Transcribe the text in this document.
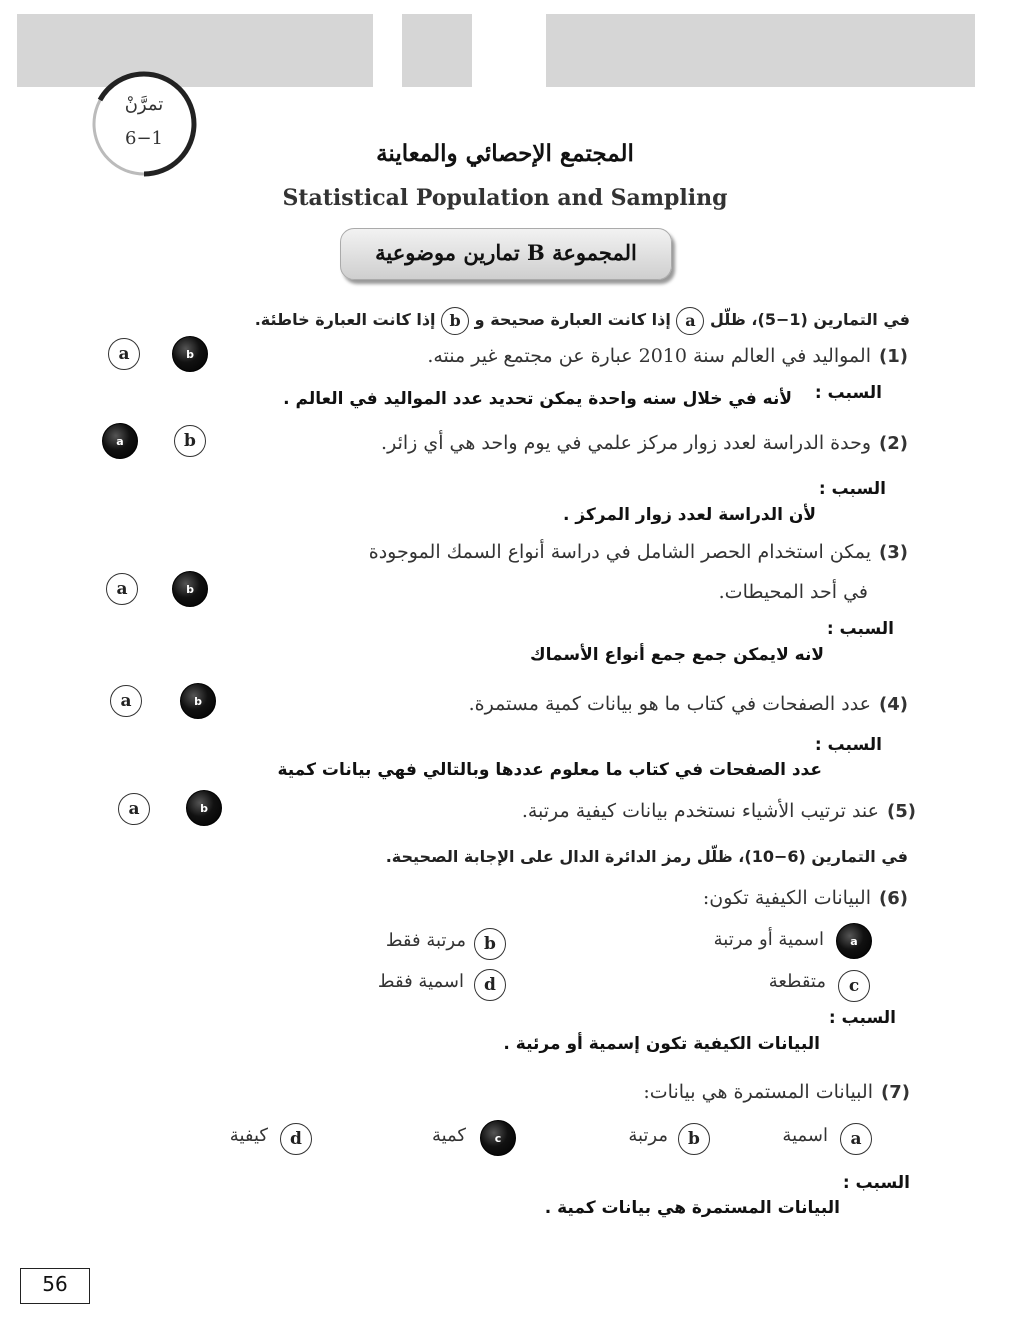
تمرَّنْ
6−1
المجتمع الإحصائي والمعاينة
Statistical Population and Sampling
المجموعة B تمارين موضوعية
في التمارين (1−5)، ظلّل a إذا كانت العبارة صحيحة و b إذا كانت العبارة خاطئة.
a	b	(1)المواليد في العالم سنة 2010 عبارة عن مجتمع غير منته.
السبب :
لأنه في خلال سنه واحدة يمكن تحديد عدد المواليد في العالم .
a	b	(2)وحدة الدراسة لعدد زوار مركز علمي في يوم واحد هي أي زائر.
السبب :
لأن الدراسة لعدد زوار المركز .
(3)يمكن استخدام الحصر الشامل في دراسة أنواع السمك الموجودة
في أحد المحيطات.
a	b
السبب :
لانه لايمكن جمع جمع أنواع الأسماك
a	b	(4)عدد الصفحات في كتاب ما هو بيانات كمية مستمرة.
السبب :
عدد الصفحات في كتاب ما معلوم عددها وبالتالي فهي بيانات كمية
a	b	(5)عند ترتيب الأشياء نستخدم بيانات كيفية مرتبة.
في التمارين (6−10)، ظلّل رمز الدائرة الدال على الإجابة الصحيحة.
(6)البيانات الكيفية تكون:
a
اسمية أو مرتبة
b
مرتبة فقط
c
متقطعة
d
اسمية فقط
السبب :
البيانات الكيفية تكون إسمية أو مرئية .
(7)البيانات المستمرة هي بيانات:
a
اسمية
b
مرتبة
c
كمية
d
كيفية
السبب :
البيانات المستمرة هي بيانات كمية .
56
